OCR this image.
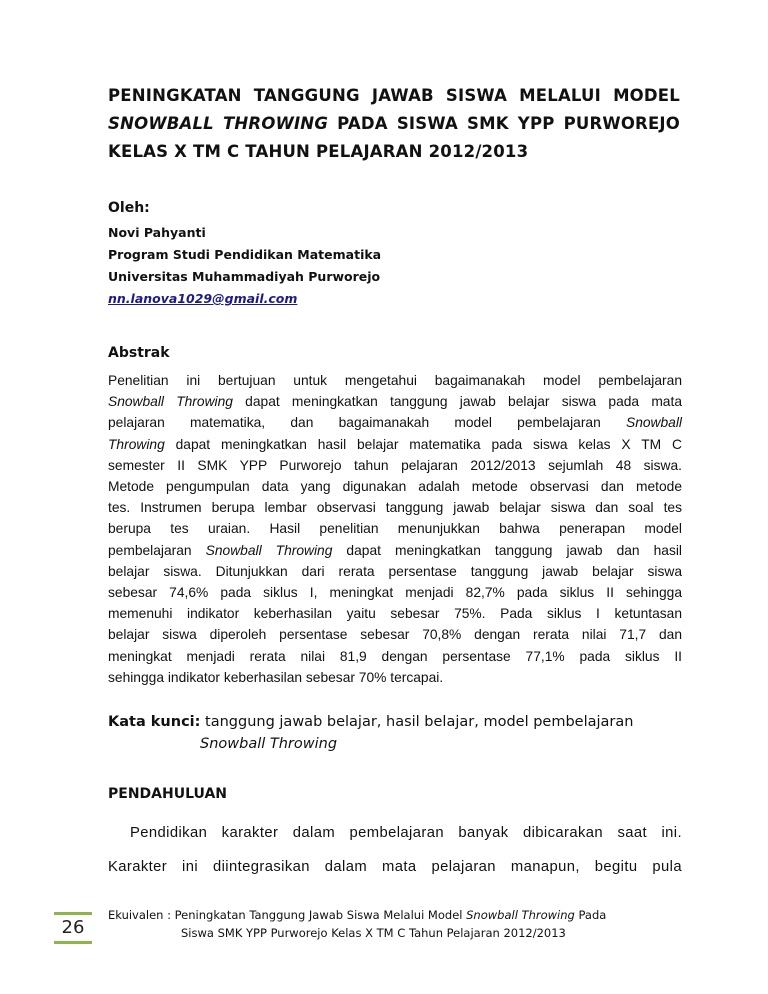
PENINGKATAN TANGGUNG JAWAB SISWA MELALUI MODEL
SNOWBALL THROWING PADA SISWA SMK YPP PURWOREJO
KELAS X TM C TAHUN PELAJARAN 2012/2013
Oleh:
Novi Pahyanti
Program Studi Pendidikan Matematika
Universitas Muhammadiyah Purworejo
nn.lanova1029@gmail.com
Abstrak
Penelitian ini bertujuan untuk mengetahui bagaimanakah model pembelajaran
Snowball Throwing dapat meningkatkan tanggung jawab belajar siswa pada mata
pelajaran matematika, dan bagaimanakah model pembelajaran Snowball
Throwing dapat meningkatkan hasil belajar matematika pada siswa kelas X TM C
semester II SMK YPP Purworejo tahun pelajaran 2012/2013 sejumlah 48 siswa.
Metode pengumpulan data yang digunakan adalah metode observasi dan metode
tes. Instrumen berupa lembar observasi tanggung jawab belajar siswa dan soal tes
berupa tes uraian. Hasil penelitian menunjukkan bahwa penerapan model
pembelajaran Snowball Throwing dapat meningkatkan tanggung jawab dan hasil
belajar siswa. Ditunjukkan dari rerata persentase tanggung jawab belajar siswa
sebesar 74,6% pada siklus I, meningkat menjadi 82,7% pada siklus II sehingga
memenuhi indikator keberhasilan yaitu sebesar 75%. Pada siklus I ketuntasan
belajar siswa diperoleh persentase sebesar 70,8% dengan rerata nilai 71,7 dan
meningkat menjadi rerata nilai 81,9 dengan persentase 77,1% pada siklus II
sehingga indikator keberhasilan sebesar 70% tercapai.
Kata kunci: tanggung jawab belajar, hasil belajar, model pembelajaran
Snowball Throwing
PENDAHULUAN
Pendidikan karakter dalam pembelajaran banyak dibicarakan saat ini.
Karakter ini diintegrasikan dalam mata pelajaran manapun, begitu pula
Ekuivalen : Peningkatan Tanggung Jawab Siswa Melalui Model Snowball Throwing Pada
Siswa SMK YPP Purworejo Kelas X TM C Tahun Pelajaran 2012/2013
26
